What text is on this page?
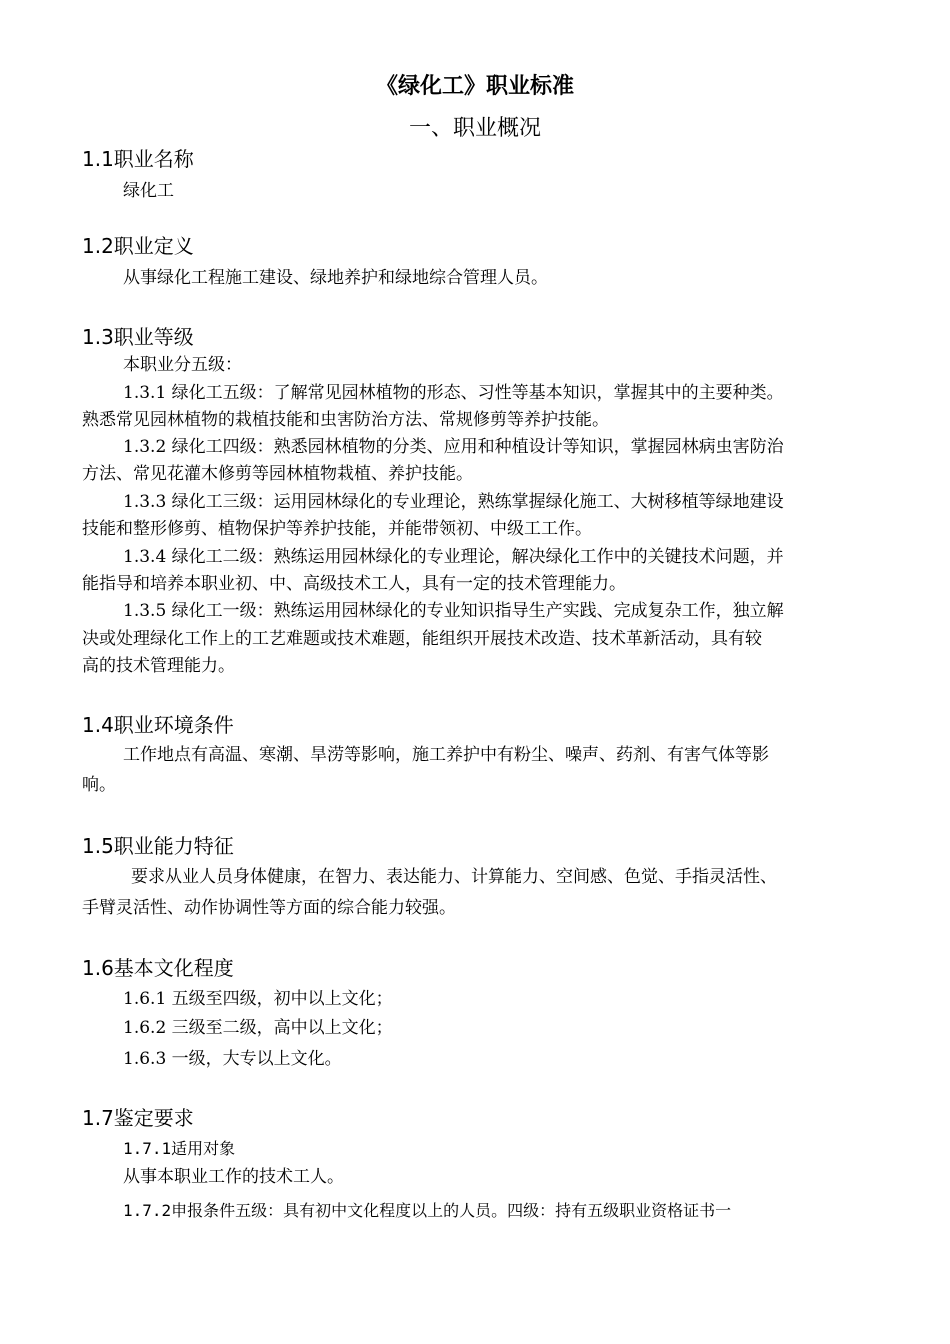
《绿化工》职业标准
一、职业概况
1.1职业名称

绿化工

1.2职业定义

从事绿化工程施工建设、绿地养护和绿地综合管理人员。

1.3职业等级

本职业分五级：

1.3.1 绿化工五级：了解常见园林植物的形态、习性等基本知识，掌握其中的主要种类。

熟悉常见园林植物的栽植技能和虫害防治方法、常规修剪等养护技能。

1.3.2 绿化工四级：熟悉园林植物的分类、应用和种植设计等知识，掌握园林病虫害防治

方法、常见花灌木修剪等园林植物栽植、养护技能。

1.3.3 绿化工三级：运用园林绿化的专业理论，熟练掌握绿化施工、大树移植等绿地建设

技能和整形修剪、植物保护等养护技能，并能带领初、中级工工作。

1.3.4 绿化工二级：熟练运用园林绿化的专业理论，解决绿化工作中的关键技术问题，并

能指导和培养本职业初、中、高级技术工人，具有一定的技术管理能力。

1.3.5 绿化工一级：熟练运用园林绿化的专业知识指导生产实践、完成复杂工作，独立解

决或处理绿化工作上的工艺难题或技术难题，能组织开展技术改造、技术革新活动，具有较

高的技术管理能力。

1.4职业环境条件

工作地点有高温、寒潮、旱涝等影响，施工养护中有粉尘、噪声、药剂、有害气体等影

响。

1.5职业能力特征

要求从业人员身体健康，在智力、表达能力、计算能力、空间感、色觉、手指灵活性、

手臂灵活性、动作协调性等方面的综合能力较强。

1.6基本文化程度

1.6.1 五级至四级，初中以上文化；

1.6.2 三级至二级，高中以上文化；

1.6.3 一级，大专以上文化。

1.7鉴定要求

1.7.1适用对象

从事本职业工作的技术工人。

1.7.2申报条件五级：具有初中文化程度以上的人员。四级：持有五级职业资格证书一
